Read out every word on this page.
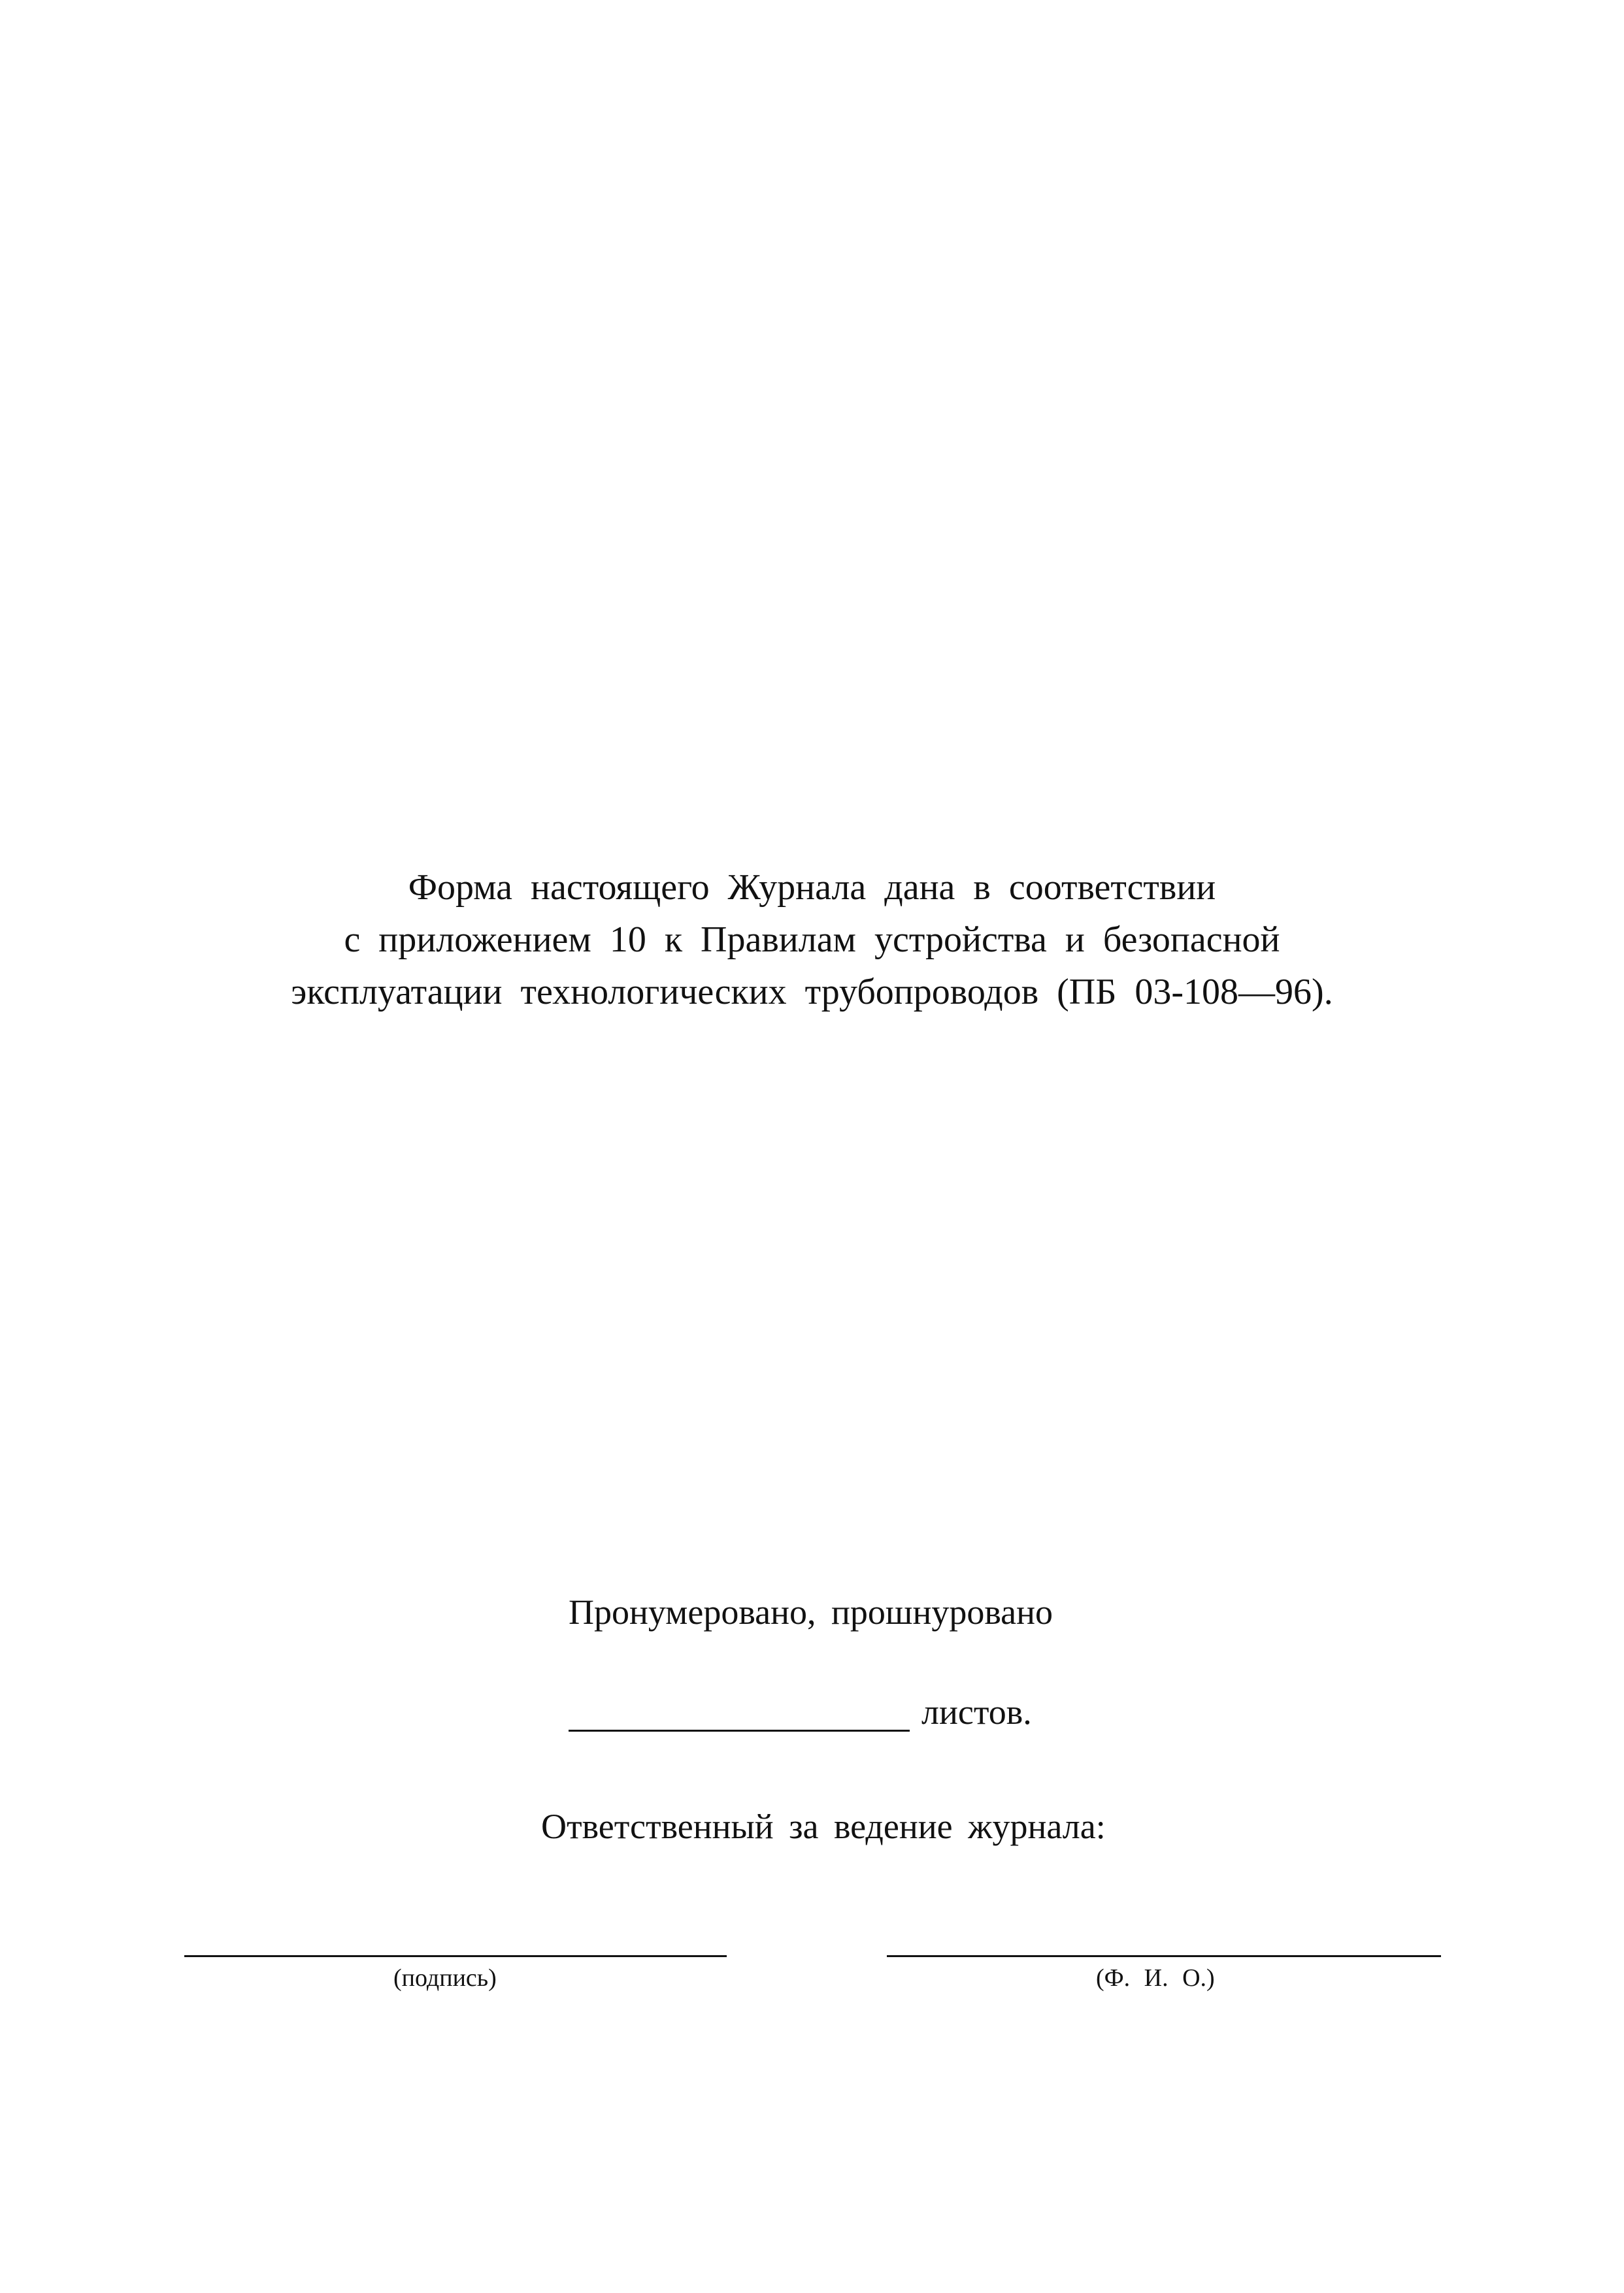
Форма настоящего Журнала дана в соответствии
с приложением 10 к Правилам устройства и безопасной
эксплуатации технологических трубопроводов (ПБ 03-108—96).
Пронумеровано, прошнуровано
листов.
Ответственный за ведение журнала:
(подпись)	(Ф. И. О.)
